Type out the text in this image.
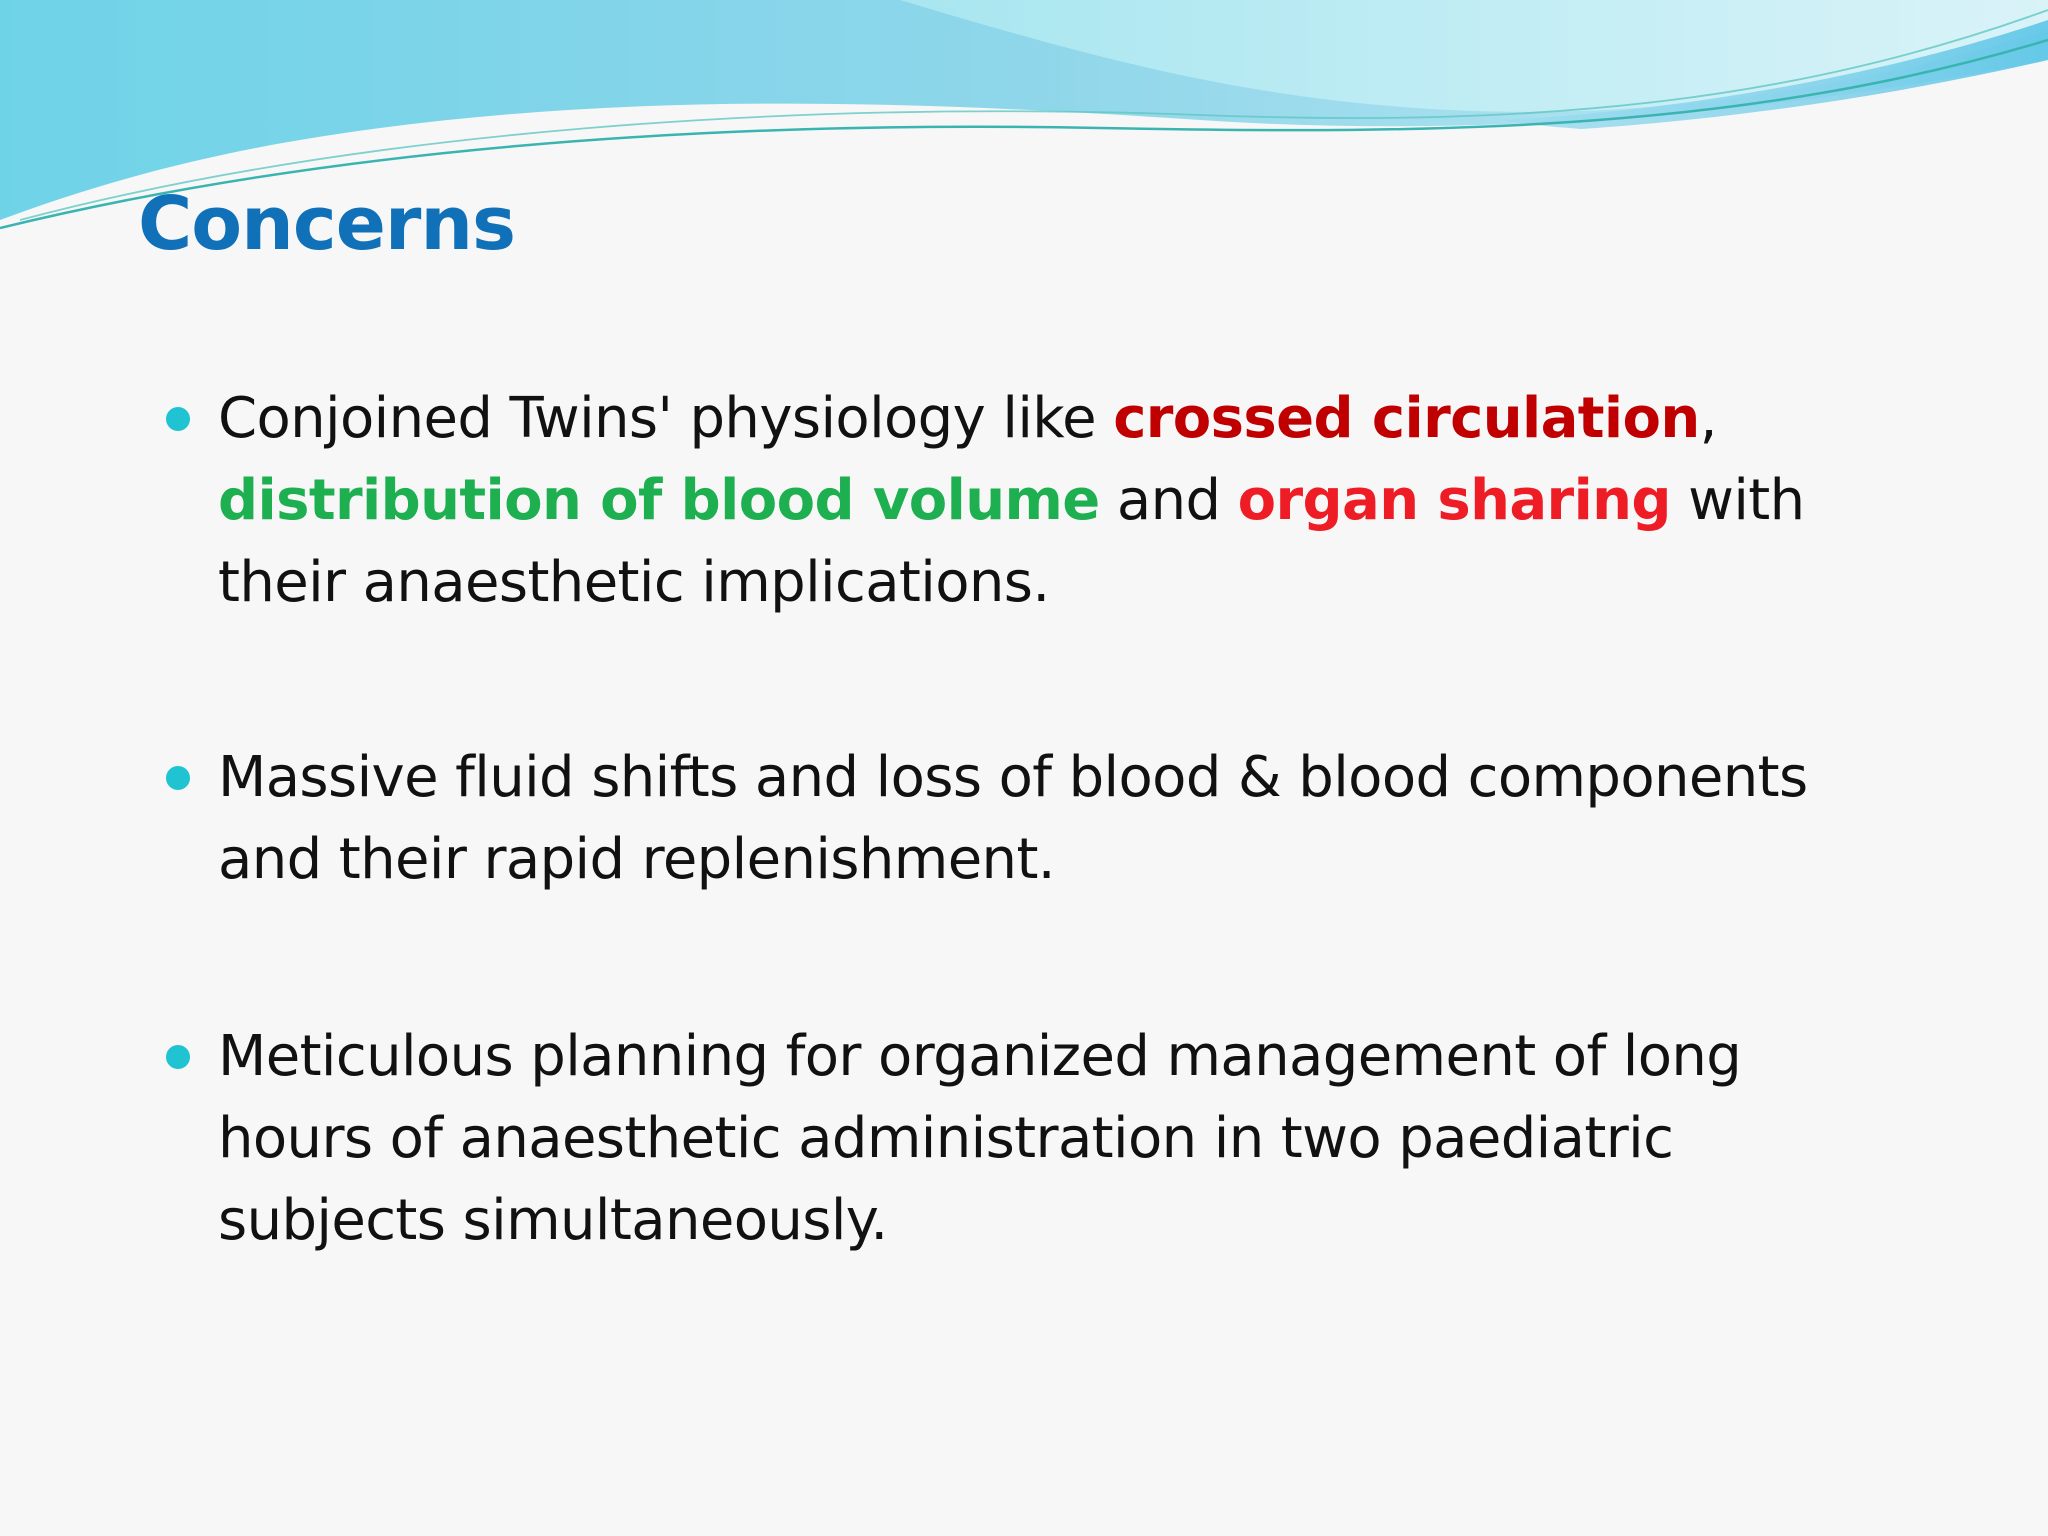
Concerns
Conjoined Twins' physiology like crossed circulation, distribution of blood volume and organ sharing with their anaesthetic implications.
Massive fluid shifts and loss of blood & blood components and their rapid replenishment.
Meticulous planning for organized management of long hours of anaesthetic administration in two paediatric subjects simultaneously.
